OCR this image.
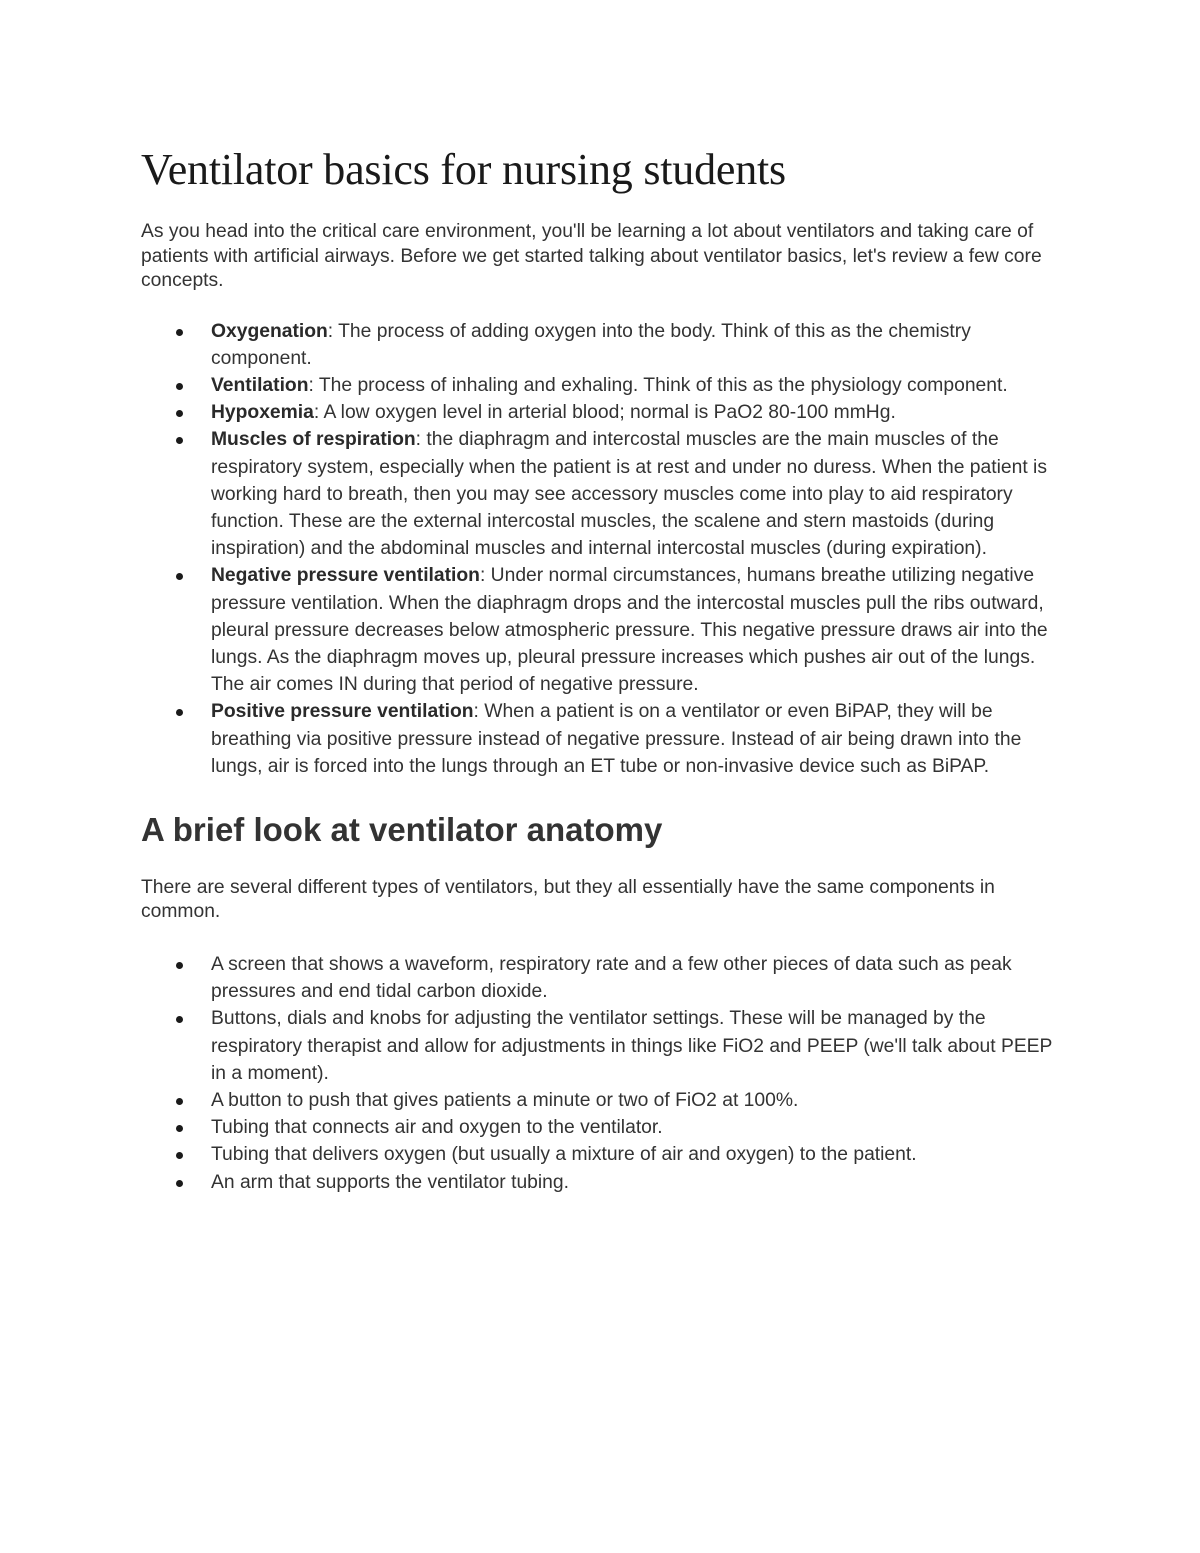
Ventilator basics for nursing students

As you head into the critical care environment, you'll be learning a lot about ventilators and taking care of patients with artificial airways. Before we get started talking about ventilator basics, let's review a few core concepts.

Oxygenation: The process of adding oxygen into the body. Think of this as the chemistry component.
Ventilation: The process of inhaling and exhaling. Think of this as the physiology component.
Hypoxemia: A low oxygen level in arterial blood; normal is PaO2 80-100 mmHg.
Muscles of respiration: the diaphragm and intercostal muscles are the main muscles of the respiratory system, especially when the patient is at rest and under no duress. When the patient is working hard to breath, then you may see accessory muscles come into play to aid respiratory function. These are the external intercostal muscles, the scalene and stern mastoids (during inspiration) and the abdominal muscles and internal intercostal muscles (during expiration).
Negative pressure ventilation: Under normal circumstances, humans breathe utilizing negative pressure ventilation. When the diaphragm drops and the intercostal muscles pull the ribs outward, pleural pressure decreases below atmospheric pressure. This negative pressure draws air into the lungs. As the diaphragm moves up, pleural pressure increases which pushes air out of the lungs. The air comes IN during that period of negative pressure.
Positive pressure ventilation: When a patient is on a ventilator or even BiPAP, they will be breathing via positive pressure instead of negative pressure. Instead of air being drawn into the lungs, air is forced into the lungs through an ET tube or non-invasive device such as BiPAP.
A brief look at ventilator anatomy

There are several different types of ventilators, but they all essentially have the same components in common.

A screen that shows a waveform, respiratory rate and a few other pieces of data such as peak pressures and end tidal carbon dioxide.
Buttons, dials and knobs for adjusting the ventilator settings. These will be managed by the respiratory therapist and allow for adjustments in things like FiO2 and PEEP (we'll talk about PEEP in a moment).
A button to push that gives patients a minute or two of FiO2 at 100%.
Tubing that connects air and oxygen to the ventilator.
Tubing that delivers oxygen (but usually a mixture of air and oxygen) to the patient.
An arm that supports the ventilator tubing.
